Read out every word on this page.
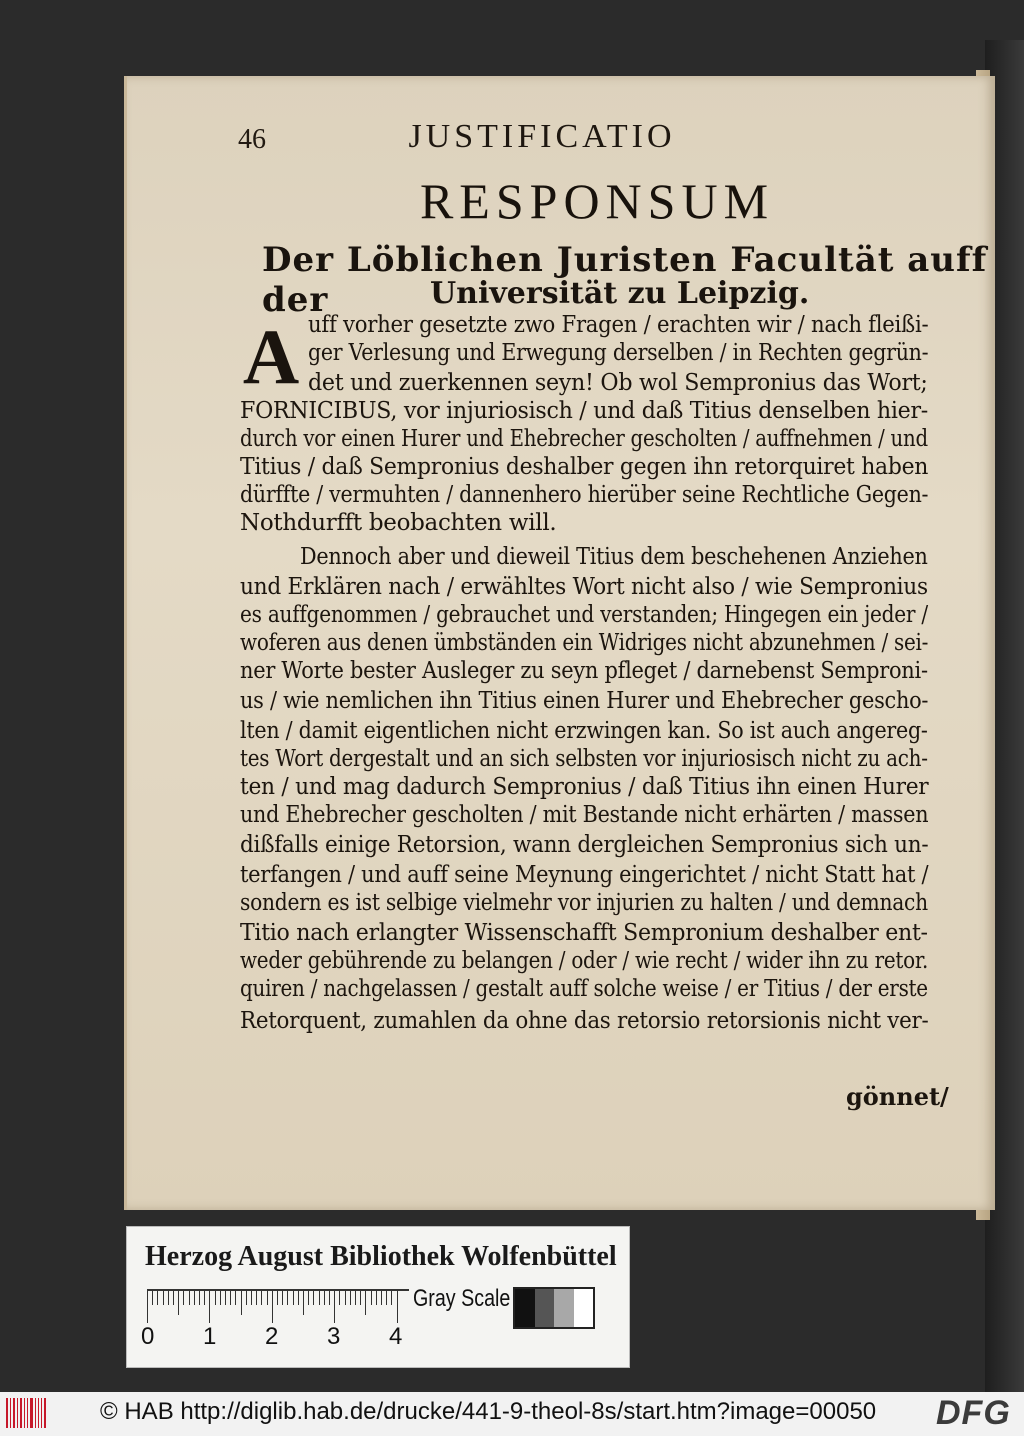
46	JUSTIFICATIO
RESPONSUM
Der Löblichen Juristen Facultät auff der	Universität zu Leipzig.
A uff vorher gesetzte zwo Fragen / erachten wir / nach fleißi-
ger Verlesung und Erwegung derselben / in Rechten gegrün-
det und zuerkennen seyn! Ob wol Sempronius das Wort;
FORNICIBUS, vor injuriosisch / und daß Titius denselben hier-
durch vor einen Hurer und Ehebrecher gescholten / auffnehmen / und
Titius / daß Sempronius deshalber gegen ihn retorquiret haben
dürffte / vermuhten / dannenhero hierüber seine Rechtliche Gegen-
Nothdurfft beobachten will.
Dennoch aber und dieweil Titius dem beschehenen Anziehen
und Erklären nach / erwähltes Wort nicht also / wie Sempronius
es auffgenommen / gebrauchet und verstanden; Hingegen ein jeder /
woferen aus denen ümbständen ein Widriges nicht abzunehmen / sei-
ner Worte bester Ausleger zu seyn pfleget / darnebenst Semproni-
us / wie nemlichen ihn Titius einen Hurer und Ehebrecher gescho-
lten / damit eigentlichen nicht erzwingen kan. So ist auch angereg-
tes Wort dergestalt und an sich selbsten vor injuriosisch nicht zu ach-
ten / und mag dadurch Sempronius / daß Titius ihn einen Hurer
und Ehebrecher gescholten / mit Bestande nicht erhärten / massen
dißfalls einige Retorsion, wann dergleichen Sempronius sich un-
terfangen / und auff seine Meynung eingerichtet / nicht Statt hat /
sondern es ist selbige vielmehr vor injurien zu halten / und demnach
Titio nach erlangter Wissenschafft Sempronium deshalber ent-
weder gebührende zu belangen / oder / wie recht / wider ihn zu retor.
quiren / nachgelassen / gestalt auff solche weise / er Titius / der erste
Retorquent, zumahlen da ohne das retorsio retorsionis nicht ver-
gönnet/
Herzog August Bibliothek Wolfenbüttel
0 1 2 3 4
Gray Scale
© HAB http://diglib.hab.de/drucke/441-9-theol-8s/start.htm?image=00050 DFG
